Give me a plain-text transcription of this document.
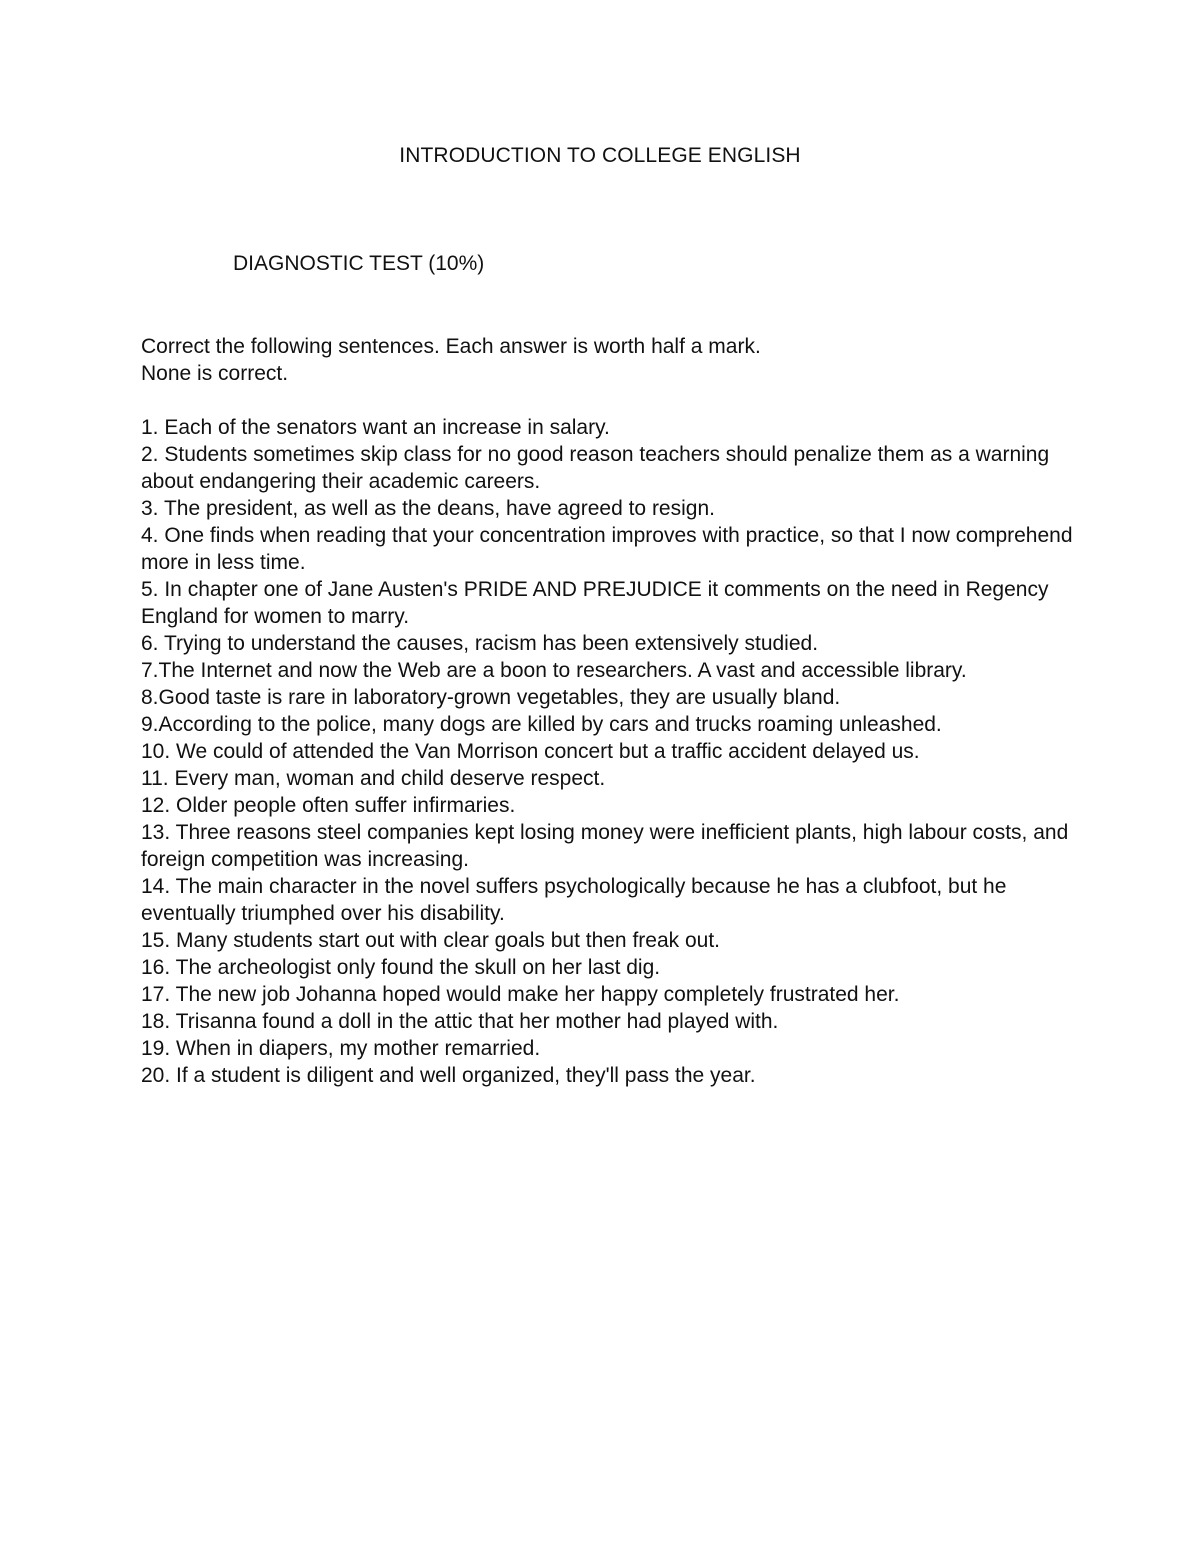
INTRODUCTION TO COLLEGE ENGLISH
DIAGNOSTIC TEST (10%)

Correct the following sentences. Each answer is worth half a mark.

None is correct.

1. Each of the senators want an increase in salary.
2. Students sometimes skip class for no good reason teachers should penalize them as a warning about endangering their academic careers.
3. The president, as well as the deans, have agreed to resign.
4. One finds when reading that your concentration improves with practice, so that I now comprehend more in less time.
5. In chapter one of Jane Austen's PRIDE AND PREJUDICE it comments on the need in Regency England for women to marry.
6. Trying to understand the causes, racism has been extensively studied.
7.The Internet and now the Web are a boon to researchers. A vast and accessible library.
8.Good taste is rare in laboratory-grown vegetables, they are usually bland.
9.According to the police, many dogs are killed by cars and trucks roaming unleashed.
10. We could of attended the Van Morrison concert but a traffic accident delayed us.
11. Every man, woman and child deserve respect.
12. Older people often suffer infirmaries.
13. Three reasons steel companies kept losing money were inefficient plants, high labour costs, and foreign competition was increasing.
14. The main character in the novel suffers psychologically because he has a clubfoot, but he eventually triumphed over his disability.
15. Many students start out with clear goals but then freak out.
16. The archeologist only found the skull on her last dig.
17. The new job Johanna hoped would make her happy completely frustrated her.
18. Trisanna found a doll in the attic that her mother had played with.
19. When in diapers, my mother remarried.
20. If a student is diligent and well organized, they'll pass the year.
